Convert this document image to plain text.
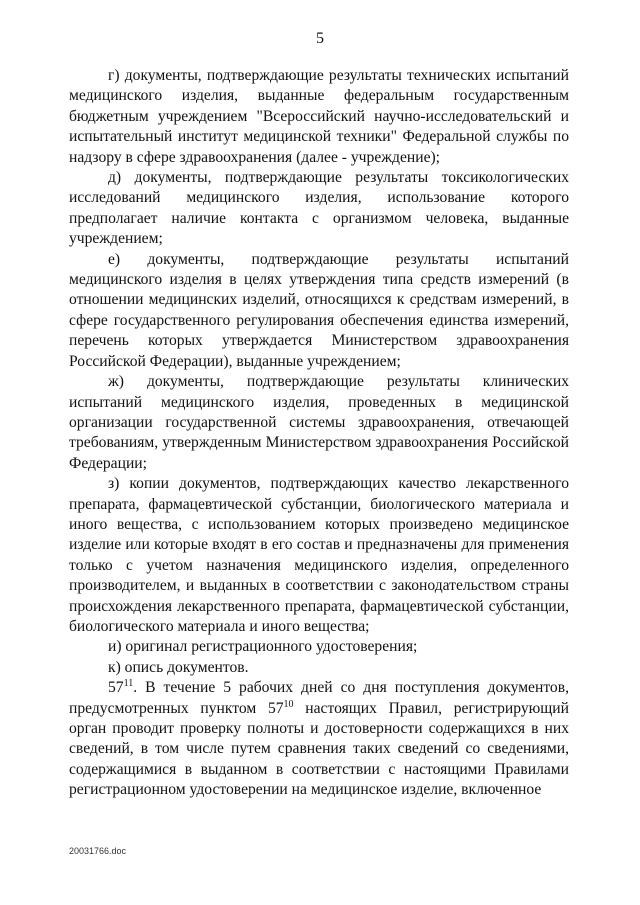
5

г) документы, подтверждающие результаты технических испытаний медицинского изделия, выданные федеральным государственным бюджетным учреждением "Всероссийский научно-исследовательский и испытательный институт медицинской техники" Федеральной службы по надзору в сфере здравоохранения (далее - учреждение);

д) документы, подтверждающие результаты токсикологических исследований медицинского изделия, использование которого предполагает наличие контакта с организмом человека, выданные учреждением;

е) документы, подтверждающие результаты испытаний медицинского изделия в целях утверждения типа средств измерений (в отношении медицинских изделий, относящихся к средствам измерений, в сфере государственного регулирования обеспечения единства измерений, перечень которых утверждается Министерством здравоохранения Российской Федерации), выданные учреждением;

ж) документы, подтверждающие результаты клинических испытаний медицинского изделия, проведенных в медицинской организации государственной системы здравоохранения, отвечающей требованиям, утвержденным Министерством здравоохранения Российской Федерации;

з) копии документов, подтверждающих качество лекарственного препарата, фармацевтической субстанции, биологического материала и иного вещества, с использованием которых произведено медицинское изделие или которые входят в его состав и предназначены для применения только с учетом назначения медицинского изделия, определенного производителем, и выданных в соответствии с законодательством страны происхождения лекарственного препарата, фармацевтической субстанции, биологического материала и иного вещества;

и) оригинал регистрационного удостоверения;

к) опись документов.

$57^{11}$. В течение 5 рабочих дней со дня поступления документов, предусмотренных пунктом $57^{10}$ настоящих Правил, регистрирующий орган проводит проверку полноты и достоверности содержащихся в них сведений, в том числе путем сравнения таких сведений со сведениями, содержащимися в выданном в соответствии с настоящими Правилами регистрационном удостоверении на медицинское изделие, включенное

20031766.doc
